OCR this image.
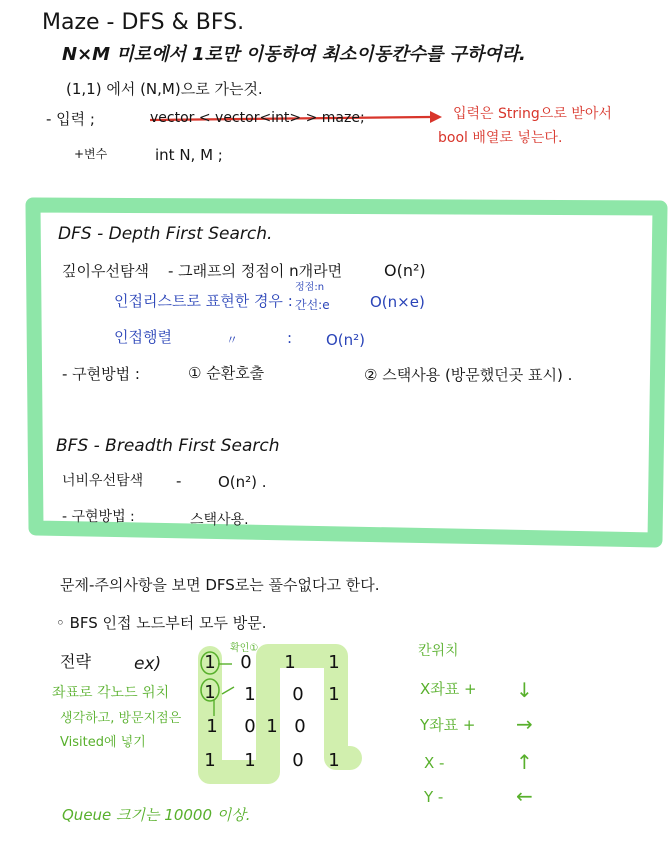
Maze - DFS & BFS.
N×M 미로에서 1로만 이동하여 최소이동칸수를 구하여라.
(1,1) 에서 (N,M)으로 가는것.
- 입력 ;	vector < vector<int> > maze;	입력은 String으로 받아서
bool 배열로 넣는다.
+변수	int N, M ;
DFS - Depth First Search.
깊이우선탐색 - 그래프의 정점이 n개라면	O(n²)
정점:n
인접리스트로 표현한 경우 : 간선:e	O(n×e)
인접행렬	〃	: O(n²)
- 구현방법 :	① 순환호출	② 스택사용 (방문했던곳 표시) .
BFS - Breadth First Search
너비우선탐색 - O(n²) .
- 구현방법 :	스택사용.
문제-주의사항을 보면 DFS로는 풀수없다고 한다.
◦ BFS 인접 노드부터 모두 방문.
전략	ex)
확인①
좌표로 각노드 위치
생각하고, 방문지점은
Visited에 넣기
1 0 1 1
1 1 0 1
1 0 1 0
1 1 0 1
칸위치
X좌표 + ↓
Y좌표 + →
X -	↑
Y -	←
Queue 크기는 10000 이상.
